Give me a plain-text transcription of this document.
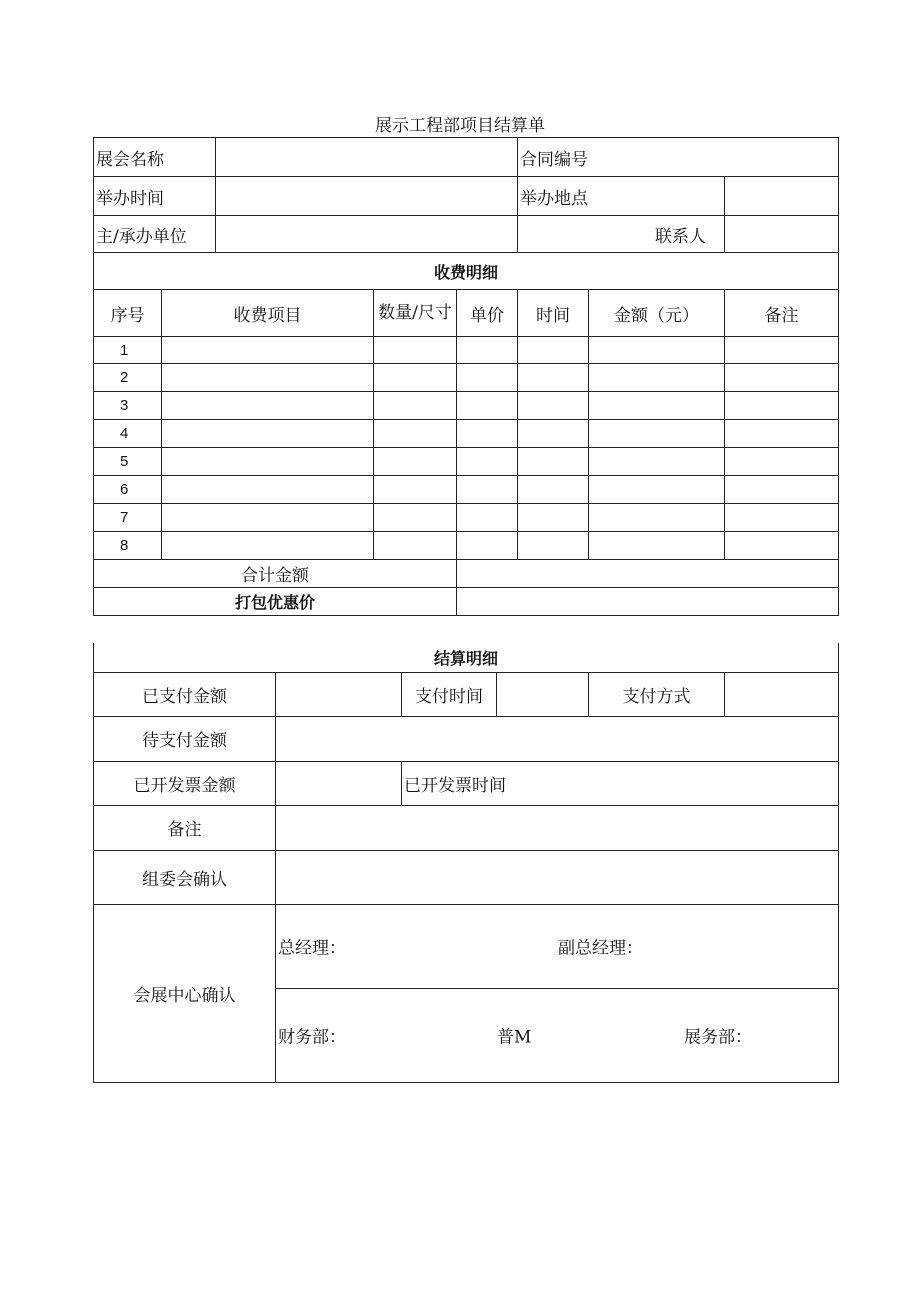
展示工程部项目结算单
展会名称					合同编号		
举办时间					举办地点		
主/承办单位					联系人		
收费明细							
序号	收费项目		数量/尺寸	单价	时间	金额（元）	备注
1							
2							
3							
4							
5							
6							
7							
8							
合计金额							
打包优惠价							
结算明细					
已支付金额		支付时间		支付方式	
待支付金额					
已开发票金额		已开发票时间			
备注					
组委会确认					
会展中心确认	总经理： 副总经理：				

	财务部： 普M 展务部：				
